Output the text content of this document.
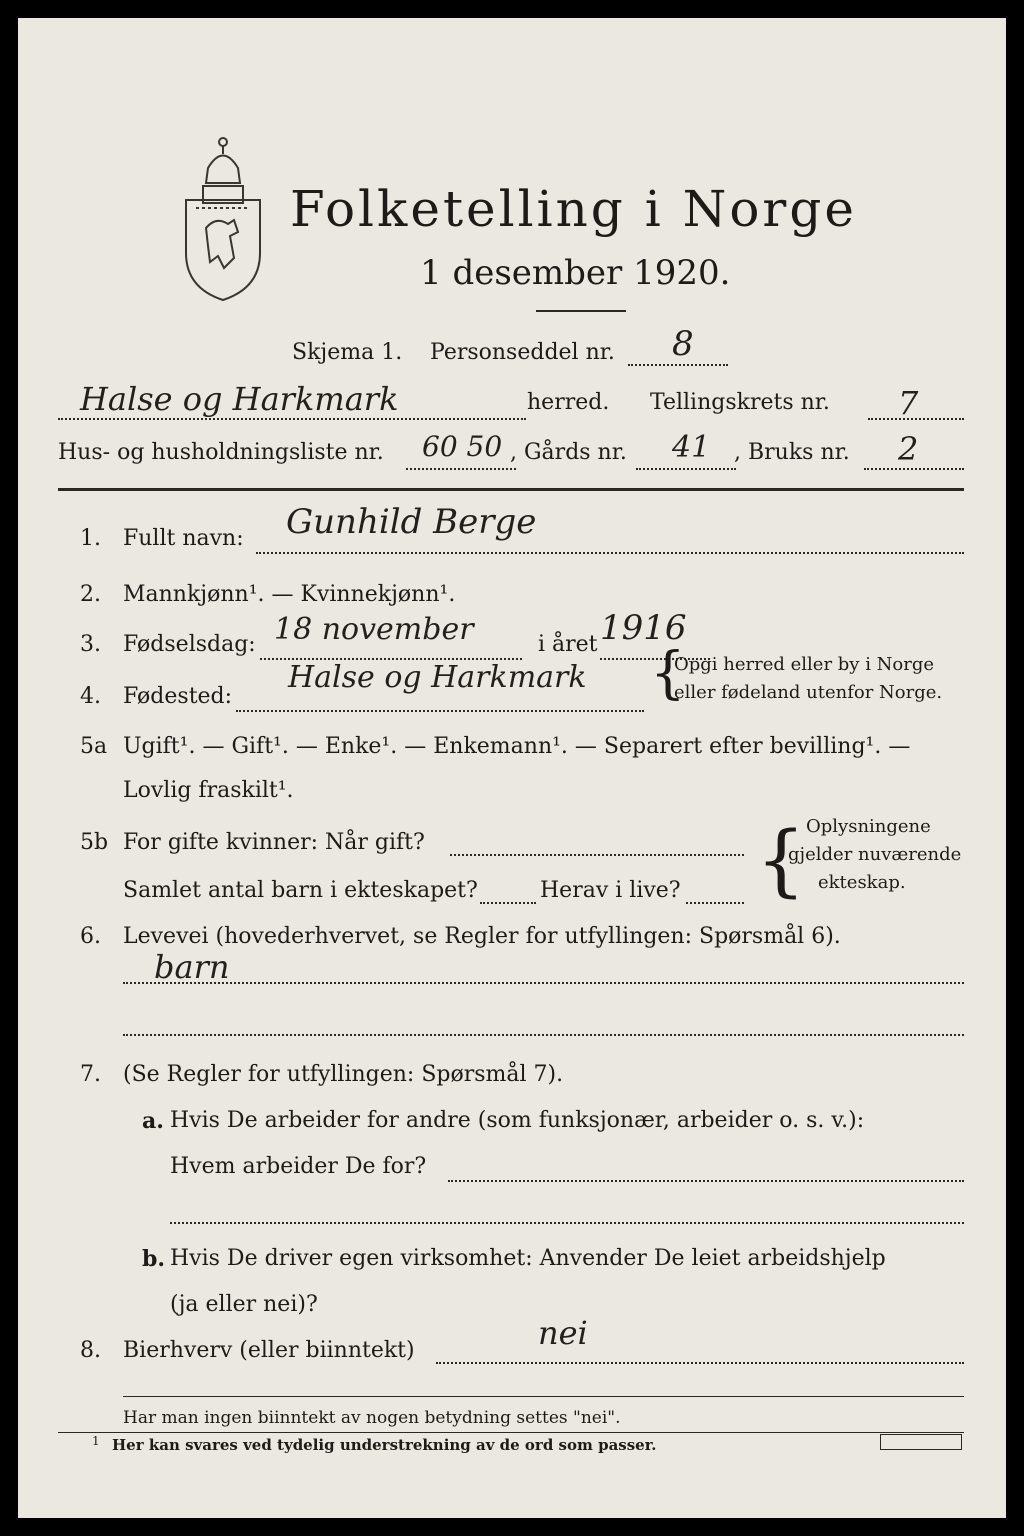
Folketelling i Norge
1 desember 1920.
Skjema 1. Personseddel nr. 8
Halse og Harkmark	herred. Tellingskrets nr. 7
Hus- og husholdningsliste nr. 60 50 , Gårds nr. 41 , Bruks nr. 2
1. Fullt navn: Gunhild Berge
2. Mannkjønn¹. — Kvinnekjønn¹.
3. Fødselsdag: 18 november	i året 1916
4. Fødested:
Halse og Harkmark {
Opgi herred eller by i Norge
eller fødeland utenfor Norge.
5a Ugift¹. — Gift¹. — Enke¹. — Enkemann¹. — Separert efter bevilling¹. —
Lovlig fraskilt¹.
5b For gifte kvinner: Når gift?
Samlet antal barn i ekteskapet?	Herav i live? { Oplysningene
gjelder nuværende
ekteskap.
6. Levevei (hovederhvervet, se Regler for utfyllingen: Spørsmål 6).
barn
7. (Se Regler for utfyllingen: Spørsmål 7).
a. Hvis De arbeider for andre (som funksjonær, arbeider o. s. v.):
Hvem arbeider De for?
b. Hvis De driver egen virksomhet: Anvender De leiet arbeidshjelp
(ja eller nei)?
8. Bierhverv (eller biinntekt)	nei
Har man ingen biinntekt av nogen betydning settes "nei".
1 Her kan svares ved tydelig understrekning av de ord som passer.
